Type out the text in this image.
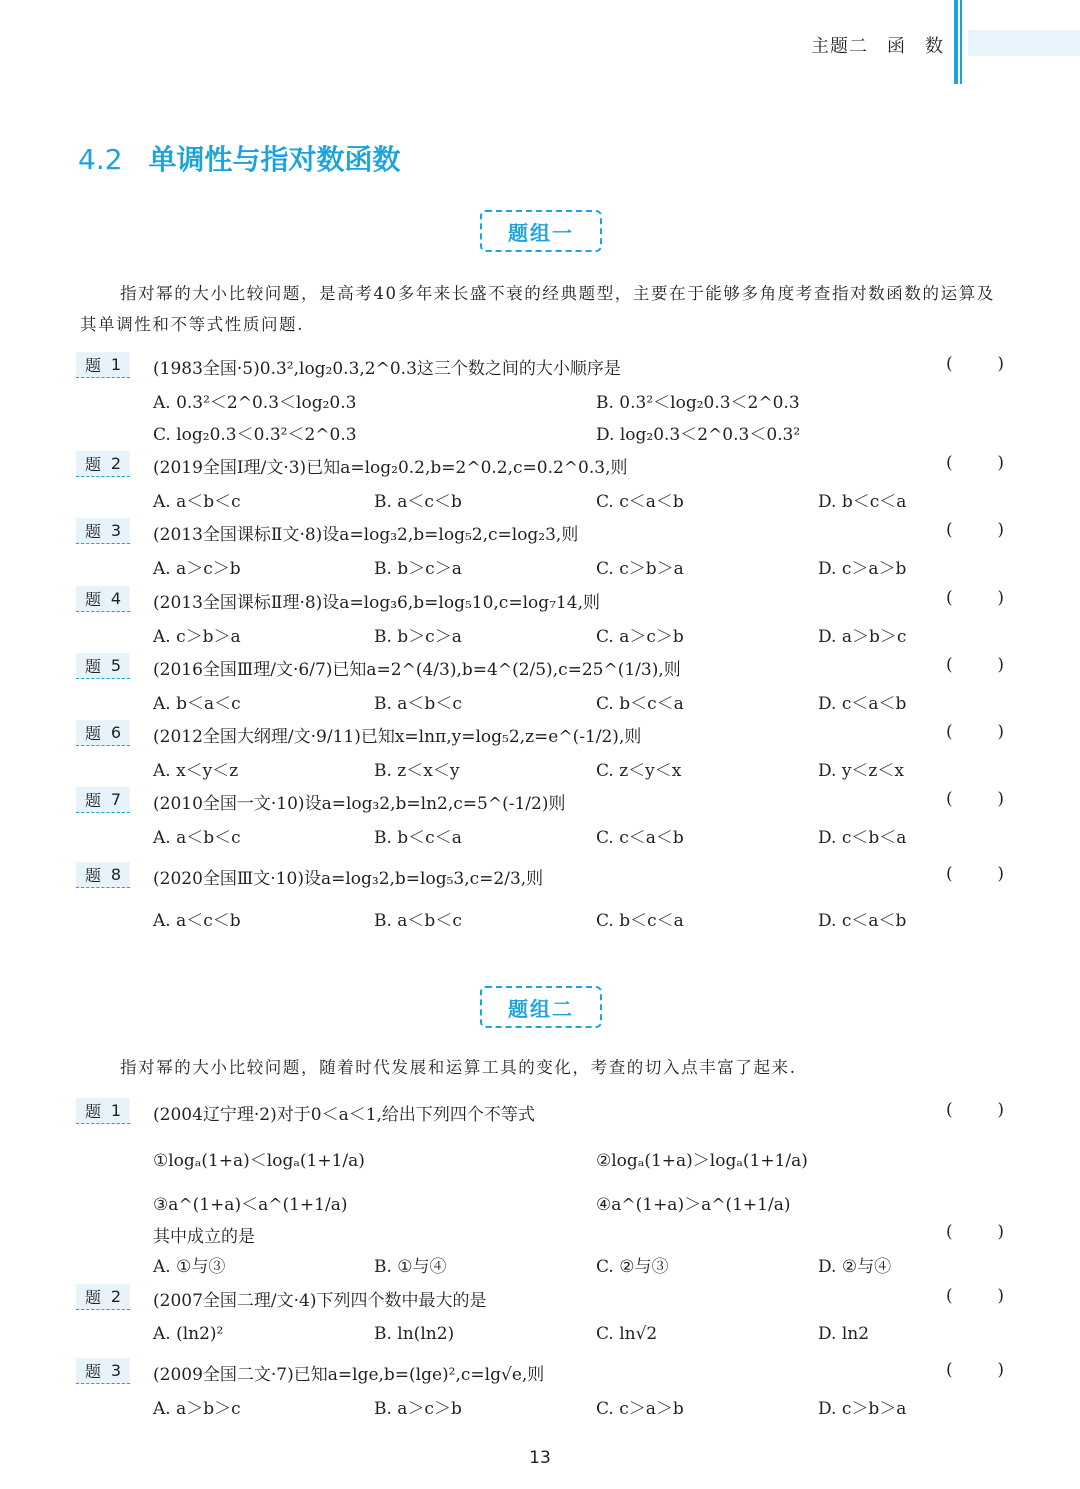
主题二　函　数
4.2 单调性与指对数函数
题组一
指对幂的大小比较问题，是高考40多年来长盛不衰的经典题型，主要在于能够多角度考查指对数函数的运算及其单调性和不等式性质问题.
题 1 (1983全国·5)0.3²,log₂0.3,2^0.3这三个数之间的大小顺序是	(	)
A. 0.3²＜2^0.3＜log₂0.3	B. 0.3²＜log₂0.3＜2^0.3
C. log₂0.3＜0.3²＜2^0.3	D. log₂0.3＜2^0.3＜0.3²
题 2 (2019全国Ⅰ理/文·3)已知a=log₂0.2,b=2^0.2,c=0.2^0.3,则	(	)
A. a＜b＜c	B. a＜c＜b	C. c＜a＜b	D. b＜c＜a
题 3 (2013全国课标Ⅱ文·8)设a=log₃2,b=log₅2,c=log₂3,则	(	)
A. a＞c＞b	B. b＞c＞a	C. c＞b＞a	D. c＞a＞b
题 4 (2013全国课标Ⅱ理·8)设a=log₃6,b=log₅10,c=log₇14,则	(	)
A. c＞b＞a	B. b＞c＞a	C. a＞c＞b	D. a＞b＞c
题 5 (2016全国Ⅲ理/文·6/7)已知a=2^(4/3),b=4^(2/5),c=25^(1/3),则	(	)
A. b＜a＜c	B. a＜b＜c	C. b＜c＜a	D. c＜a＜b
题 6 (2012全国大纲理/文·9/11)已知x=lnπ,y=log₅2,z=e^(-1/2),则	(	)
A. x＜y＜z	B. z＜x＜y	C. z＜y＜x	D. y＜z＜x
题 7 (2010全国一文·10)设a=log₃2,b=ln2,c=5^(-1/2)则	(	)
A. a＜b＜c	B. b＜c＜a	C. c＜a＜b	D. c＜b＜a
题 8 (2020全国Ⅲ文·10)设a=log₃2,b=log₅3,c=2/3,则	(	)
A. a＜c＜b	B. a＜b＜c	C. b＜c＜a	D. c＜a＜b
题组二
指对幂的大小比较问题，随着时代发展和运算工具的变化，考查的切入点丰富了起来.
题 1 (2004辽宁理·2)对于0＜a＜1,给出下列四个不等式	(	)
①logₐ(1+a)＜logₐ(1+1/a)	②logₐ(1+a)＞logₐ(1+1/a)
③a^(1+a)＜a^(1+1/a)	④a^(1+a)＞a^(1+1/a)
其中成立的是	(	)
A. ①与③	B. ①与④	C. ②与③	D. ②与④
题 2 (2007全国二理/文·4)下列四个数中最大的是	(	)
A. (ln2)²	B. ln(ln2)	C. ln√2	D. ln2
题 3 (2009全国二文·7)已知a=lge,b=(lge)²,c=lg√e,则	(	)
A. a＞b＞c	B. a＞c＞b	C. c＞a＞b	D. c＞b＞a
13
